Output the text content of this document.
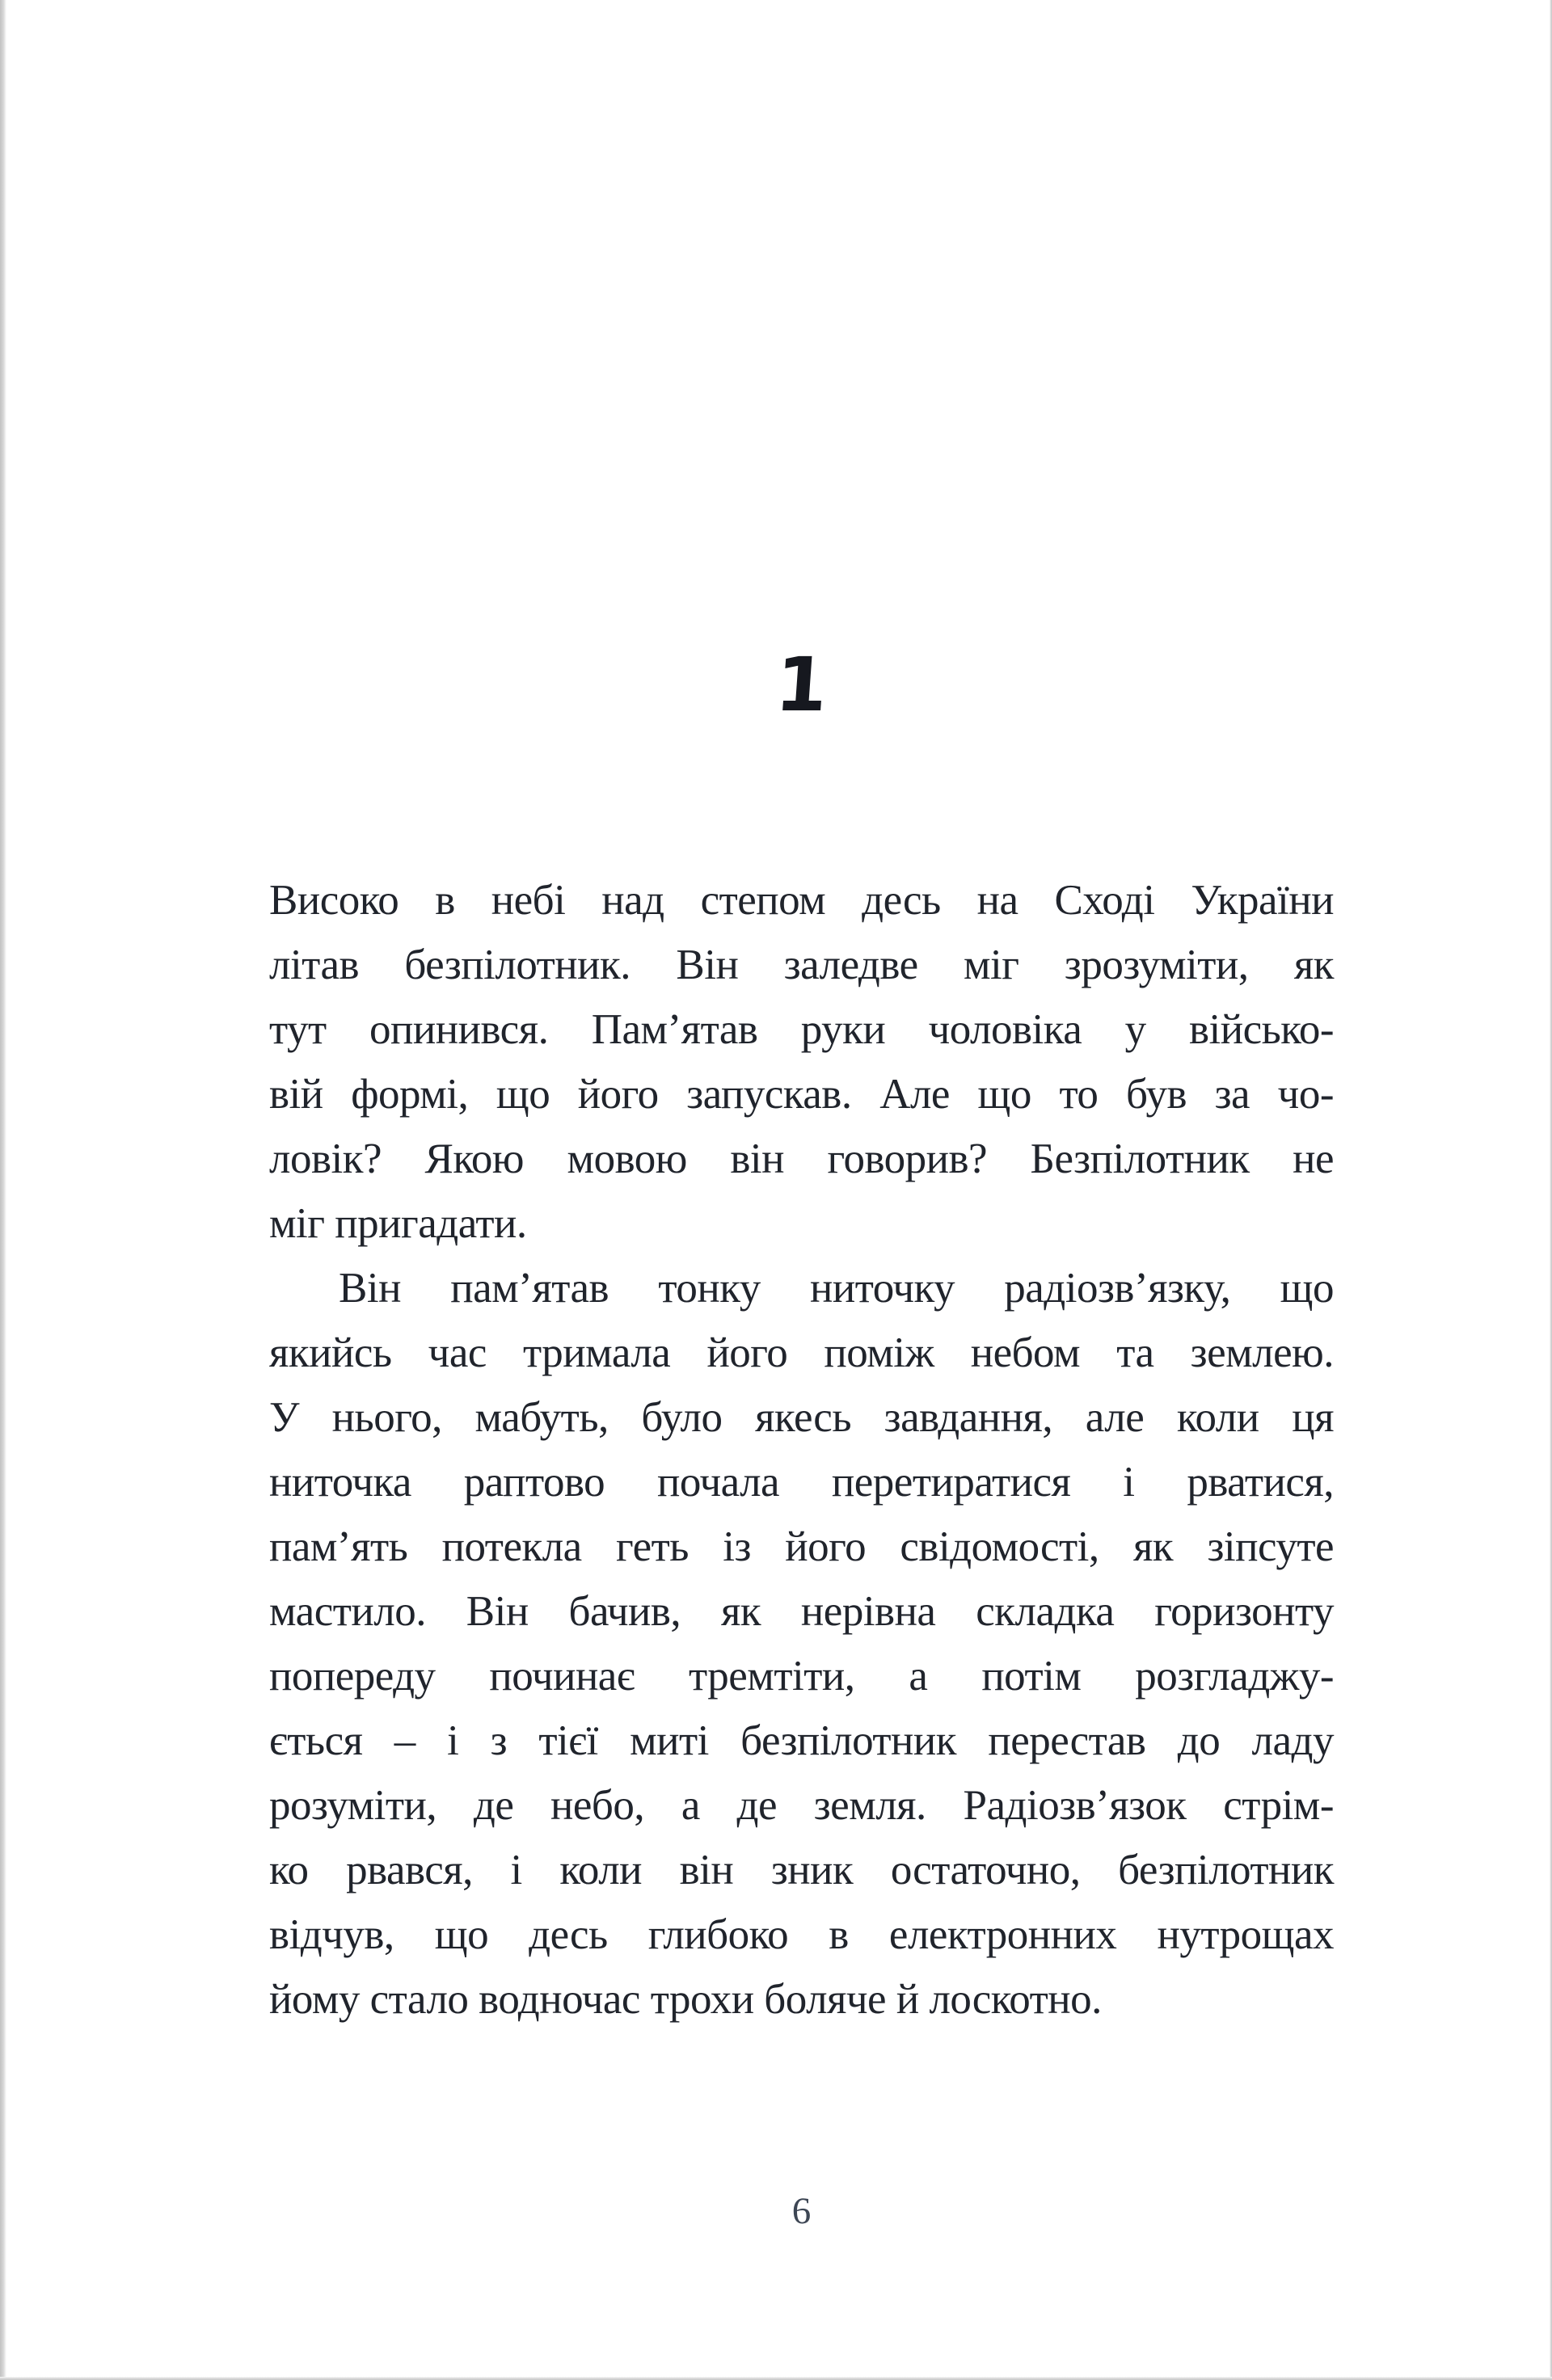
1
Високо в небі над степом десь на Сході України
літав безпілотник. Він заледве міг зрозуміти, як
тут опинився. Пам’ятав руки чоловіка у військо-
вій формі, що його запускав. Але що то був за чо-
ловік? Якою мовою він говорив? Безпілотник не
міг пригадати.
Він пам’ятав тонку ниточку радіозв’язку, що
якийсь час тримала його поміж небом та землею.
У нього, мабуть, було якесь завдання, але коли ця
ниточка раптово почала перетиратися і рватися,
пам’ять потекла геть із його свідомості, як зіпсуте
мастило. Він бачив, як нерівна складка горизонту
попереду починає тремтіти, а потім розгладжу-
ється – і з тієї миті безпілотник перестав до ладу
розуміти, де небо, а де земля. Радіозв’язок стрім-
ко рвався, і коли він зник остаточно, безпілотник
відчув, що десь глибоко в електронних нутрощах
йому стало водночас трохи боляче й лоскотно.
6
